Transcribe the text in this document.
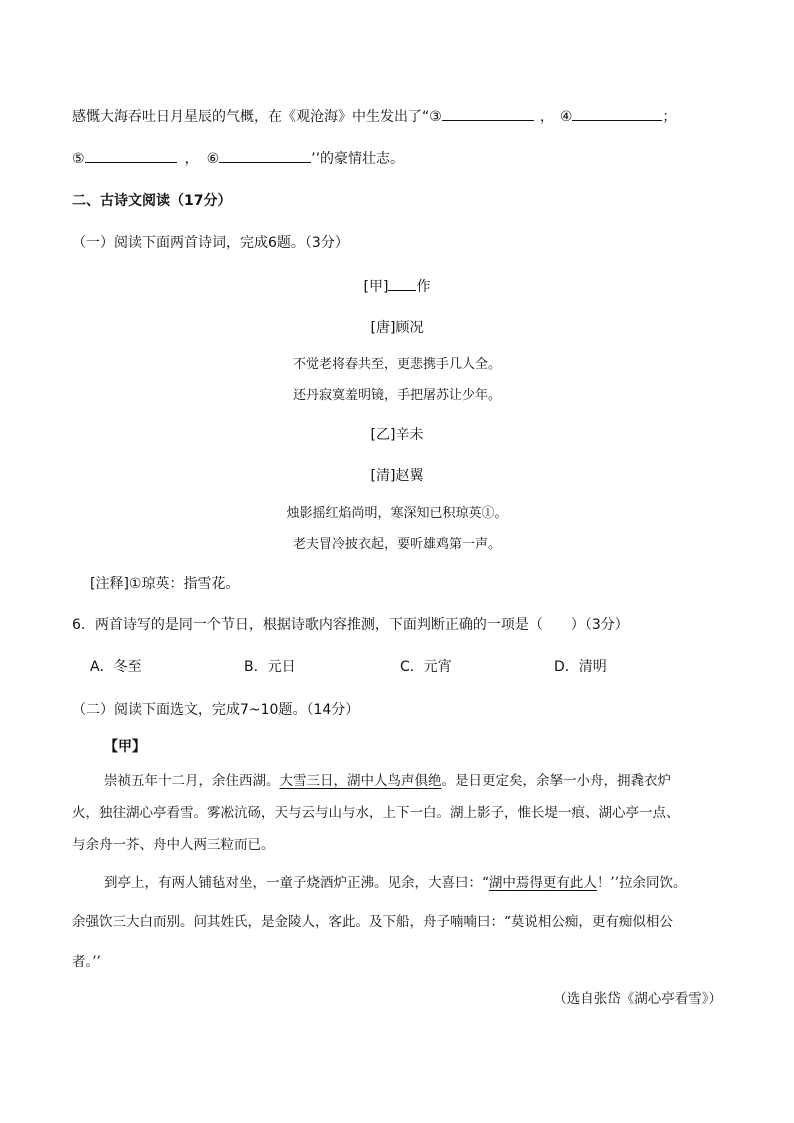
感慨大海吞吐日月星辰的气概，在《观沧海》中生发出了“③	， ④	；
⑤	， ⑥	’’的豪情壮志。
二、古诗文阅读（17分）
（一）阅读下面两首诗词，完成6题。（3分）
[甲] 作
[唐]顾况
不觉老将春共至，更悲携手几人全。
还丹寂寞羞明镜，手把屠苏让少年。
[乙]辛未
[清]赵翼
烛影摇红焰尚明，寒深知已积琼英①。
老夫冒冷披衣起，要听雄鸡第一声。
[注释]①琼英：指雪花。
6．两首诗写的是同一个节日，根据诗歌内容推测，下面判断正确的一项是（　　）（3分）
A．冬至	B．元日	C．元宵	D．清明
（二）阅读下面选文，完成7~10题。（14分）
【甲】
崇祯五年十二月，余住西湖。大雪三日，湖中人鸟声俱绝。是日更定矣，余拏一小舟，拥毳衣炉
火，独往湖心亭看雪。雾凇沆砀，天与云与山与水，上下一白。湖上影子，惟长堤一痕、湖心亭一点、
与余舟一芥、舟中人两三粒而已。
到亭上，有两人铺毡对坐，一童子烧酒炉正沸。见余，大喜曰：“湖中焉得更有此人！’’拉余同饮。
余强饮三大白而别。问其姓氏，是金陵人，客此。及下船，舟子喃喃曰：“莫说相公痴，更有痴似相公
者。’’
（选自张岱《湖心亭看雪》）
